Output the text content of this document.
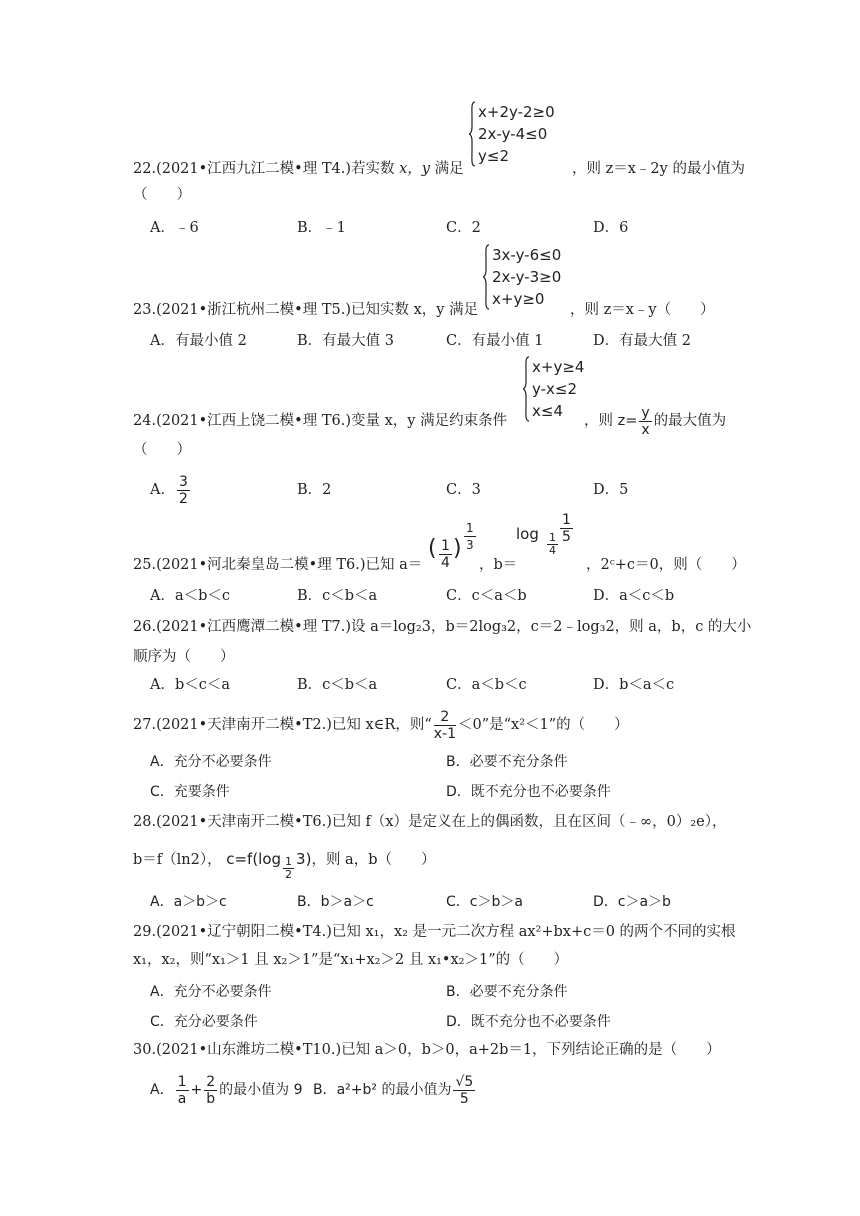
x+2y-2≥0
2x-y-4≤0
y≤2
22.(2021•江西九江二模•理 T4.)若实数 x，y 满足	，则 z＝x﹣2y 的最小值为
（　　）
A．﹣6	B．﹣1	C．2	D．6
3x-y-6≤0
2x-y-3≥0
x+y≥0
23.(2021•浙江杭州二模•理 T5.)已知实数 x，y 满足	，则 z＝x﹣y（　　）
A．有最小值 2	B．有最大值 3	C．有最小值 1	D．有最大值 2
x+y≥4
y-x≤2
x≤4
24.(2021•江西上饶二模•理 T6.)变量 x，y 满足约束条件	，则 $z= \frac{y}{x}$ 的最大值为
（　　）
A． $\frac{3}{2}$	B．2	C．3	D．5
25.(2021•河北秦皇岛二模•理 T6.)已知 a＝
( $\frac{1}{4}$ ) $\frac{1}{3}$
，b＝
$\log \frac{1}{4} \frac{1}{5}$
，2ᶜ+c＝0，则（　　）
A．a＜b＜c	B．c＜b＜a	C．c＜a＜b	D．a＜c＜b
26.(2021•江西鹰潭二模•理 T7.)设 a＝log₂3，b＝2log₃2，c＝2﹣log₃2，则 a，b，c 的大小
顺序为（　　）
A．b＜c＜a	B．c＜b＜a	C．a＜b＜c	D．b＜a＜c
27.(2021•天津南开二模•T2.)已知 x∈R，则“ $\frac{2}{x-1} <0$”是“x²＜1”的（　　）
A．充分不必要条件	B．必要不充分条件
C．充要条件	D．既不充分也不必要条件
28.(2021•天津南开二模•T6.)已知 f（x）是定义在上的偶函数，且在区间（﹣∞，0）₂e），
b＝f（ln2）， $c=f(\log \frac{1}{2} 3)$，则 a，b（　　）
A．a＞b＞c	B．b＞a＞c	C．c＞b＞a	D．c＞a＞b
29.(2021•辽宁朝阳二模•T4.)已知 x₁，x₂ 是一元二次方程 ax²+bx+c＝0 的两个不同的实根
x₁，x₂，则“x₁＞1 且 x₂＞1”是“x₁+x₂＞2 且 x₁•x₂＞1”的（　　）
A．充分不必要条件	B．必要不充分条件
C．充分必要条件	D．既不充分也不必要条件
30.(2021•山东潍坊二模•T10.)已知 a＞0，b＞0，a+2b＝1，下列结论正确的是（　　）
A． $\frac{1}{a} + \frac{2}{b}$ 的最小值为 9 B．a²+b² 的最小值为 $\frac{√5}{5}$
